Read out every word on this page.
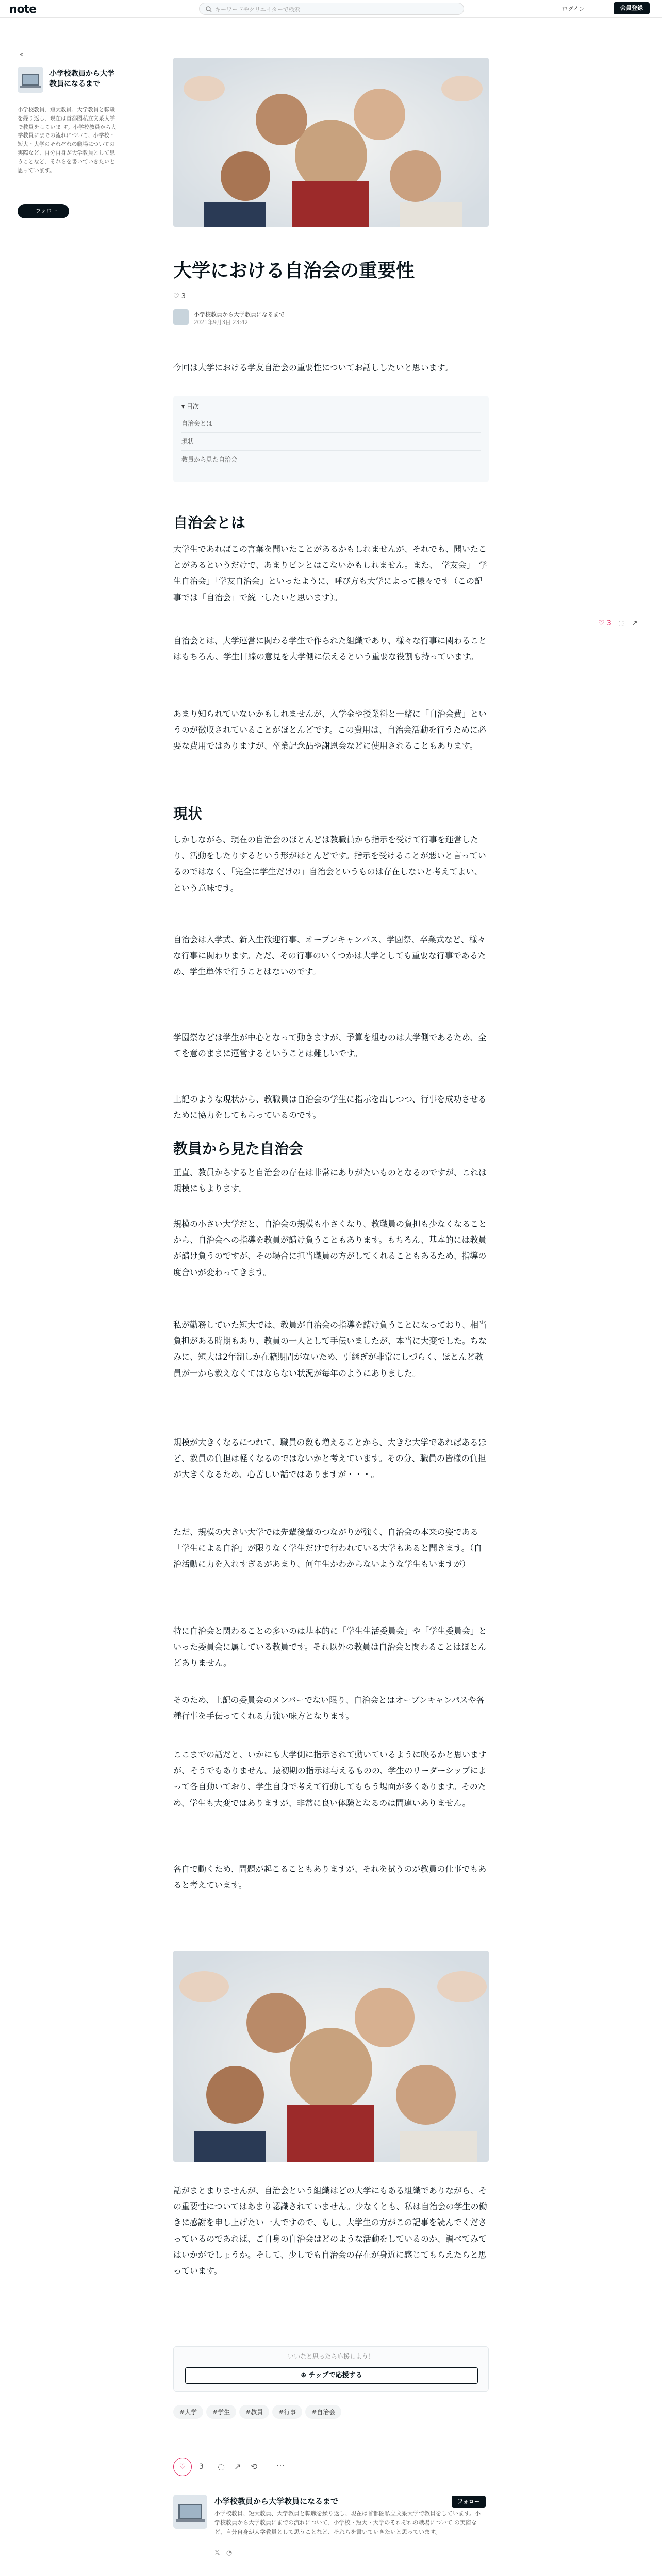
note	キーワードやクリエイターで検索	ログイン	会員登録
«
小学校教員から大学教員になるまで
小学校教員、短大教員、大学教員と転職を繰り返し、現在は首都圏私立文系大学で教員をしていま す。小学校教員から大学教員にまでの流れについて、小学校・短大・大学のそれぞれの職場についての実際など、自分自身が大学教員として思うことなど、それらを書いていきたいと思っています。
+ フォロー
大学における自治会の重要性
♡ 3
小学校教員から大学教員になるまで
2021年9月3日 23:42

今回は大学における学友自治会の重要性についてお話ししたいと思います。

▾ 目次
自治会とは
現状
教員から見た自治会
自治会とは

大学生であればこの言葉を聞いたことがあるかもしれませんが、それでも、聞いたことがあるというだけで、あまりピンとはこないかもしれません。また、「学友会」「学生自治会」「学友自治会」といったように、呼び方も大学によって様々です（この記事では「自治会」で統一したいと思います）。

自治会とは、大学運営に関わる学生で作られた組織であり、様々な行事に関わることはもちろん、学生目線の意見を大学側に伝えるという重要な役割も持っています。

あまり知られていないかもしれませんが、入学金や授業料と一緒に「自治会費」というのが徴収されていることがほとんどです。この費用は、自治会活動を行うために必要な費用ではありますが、卒業記念品や謝恩会などに使用されることもあります。

現状

しかしながら、現在の自治会のほとんどは教職員から指示を受けて行事を運営したり、活動をしたりするという形がほとんどです。指示を受けることが悪いと言っているのではなく、「完全に学生だけの」自治会というものは存在しないと考えてよい、という意味です。

自治会は入学式、新入生歓迎行事、オープンキャンパス、学園祭、卒業式など、様々な行事に関わります。ただ、その行事のいくつかは大学としても重要な行事であるため、学生単体で行うことはないのです。

学園祭などは学生が中心となって動きますが、予算を組むのは大学側であるため、全てを意のままに運営するということは難しいです。

上記のような現状から、教職員は自治会の学生に指示を出しつつ、行事を成功させるために協力をしてもらっているのです。

教員から見た自治会

正直、教員からすると自治会の存在は非常にありがたいものとなるのですが、これは規模にもよります。

規模の小さい大学だと、自治会の規模も小さくなり、教職員の負担も少なくなることから、自治会への指導を教員が請け負うこともあります。もちろん、基本的には教員が請け負うのですが、その場合に担当職員の方がしてくれることもあるため、指導の度合いが変わってきます。

私が勤務していた短大では、教員が自治会の指導を請け負うことになっており、相当負担がある時期もあり、教員の一人として手伝いましたが、本当に大変でした。ちなみに、短大は2年制しか在籍期間がないため、引継ぎが非常にしづらく、ほとんど教員が一から教えなくてはならない状況が毎年のようにありました。

規模が大きくなるにつれて、職員の数も増えることから、大きな大学であればあるほど、教員の負担は軽くなるのではないかと考えています。その分、職員の皆様の負担が大きくなるため、心苦しい話ではありますが・・・。

ただ、規模の大きい大学では先輩後輩のつながりが強く、自治会の本来の姿である「学生による自治」が限りなく学生だけで行われている大学もあると聞きます。（自治活動に力を入れすぎるがあまり、何年生かわからないような学生もいますが）

特に自治会と関わることの多いのは基本的に「学生生活委員会」や「学生委員会」といった委員会に属している教員です。それ以外の教員は自治会と関わることはほとんどありません。

そのため、上記の委員会のメンバーでない限り、自治会とはオープンキャンパスや各種行事を手伝ってくれる力強い味方となります。

ここまでの話だと、いかにも大学側に指示されて動いているように映るかと思いますが、そうでもありません。最初期の指示は与えるものの、学生のリーダーシップによって各自動いており、学生自身で考えて行動してもらう場面が多くあります。そのため、学生も大変ではありますが、非常に良い体験となるのは間違いありません。

各自で動くため、問題が起こることもありますが、それを拭うのが教員の仕事でもあると考えています。

話がまとまりませんが、自治会という組織はどの大学にもある組織でありながら、その重要性についてはあまり認識されていません。少なくとも、私は自治会の学生の働きに感謝を申し上げたい一人ですので、もし、大学生の方がこの記事を読んでくださっているのであれば、ご自身の自治会はどのような活動をしているのか、調べてみてはいかがでしょうか。そして、少しでも自治会の存在が身近に感じてもらえたらと思っています。

いいなと思ったら応援しよう！
⊕ チップで応援する
#大学	#学生	#教員	#行事	#自治会
♡ 3 ◌ ↗ ⟲ ⋯
小学校教員から大学教員になるまで	フォロー
小学校教員、短大教員、大学教員と転職を繰り返し、現在は首都圏私立文系大学で教員をしています。小学校教員から大学教員にまでの流れについて、小学校・短大・大学のそれぞれの職場について の実際など、自分自身が大学教員として思うことなど、それらを書いていきたいと思っています。
𝕏 ◔
♡ 3 ◌ ↗
